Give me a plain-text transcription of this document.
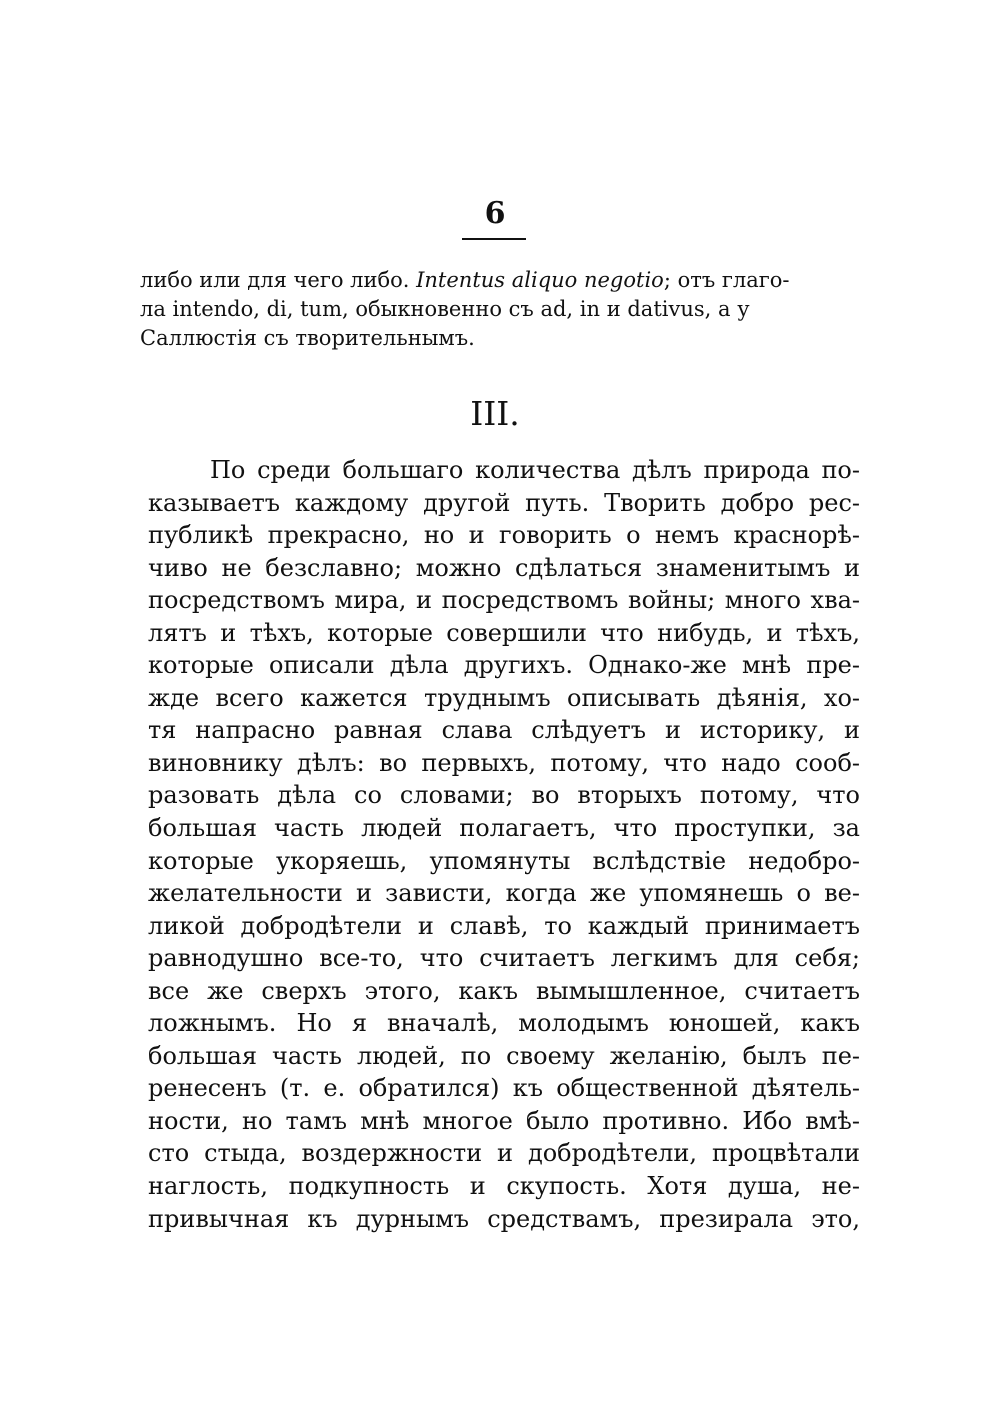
6
либо или для чего либо. Intentus aliquo negotio; отъ глаго-
ла intendo, di, tum, обыкновенно съ ad, in и dativus, а у
Саллюстія съ творительнымъ.
III.
По среди большаго количества дѣлъ природа по-
казываетъ каждому другой путь. Творить добро рес-
публикѣ прекрасно, но и говорить о немъ краснорѣ-
чиво не безславно; можно сдѣлаться знаменитымъ и
посредствомъ мира, и посредствомъ войны; много хва-
лятъ и тѣхъ, которые совершили что нибудь, и тѣхъ,
которые описали дѣла другихъ. Однако-же мнѣ пре-
жде всего кажется труднымъ описывать дѣянія, хо-
тя напрасно равная слава слѣдуетъ и историку, и
виновнику дѣлъ: во первыхъ, потому, что надо сооб-
разовать дѣла со словами; во вторыхъ потому, что
большая часть людей полагаетъ, что проступки, за
которые укоряешь, упомянуты вслѣдствіе недобро-
желательности и зависти, когда же упомянешь о ве-
ликой добродѣтели и славѣ, то каждый принимаетъ
равнодушно все-то, что считаетъ легкимъ для себя;
все же сверхъ этого, какъ вымышленное, считаетъ
ложнымъ. Но я вначалѣ, молодымъ юношей, какъ
большая часть людей, по своему желанію, былъ пе-
ренесенъ (т. е. обратился) къ общественной дѣятель-
ности, но тамъ мнѣ многое было противно. Ибо вмѣ-
сто стыда, воздержности и добродѣтели, процвѣтали
наглость, подкупность и скупость. Хотя душа, не-
привычная къ дурнымъ средствамъ, презирала это,
